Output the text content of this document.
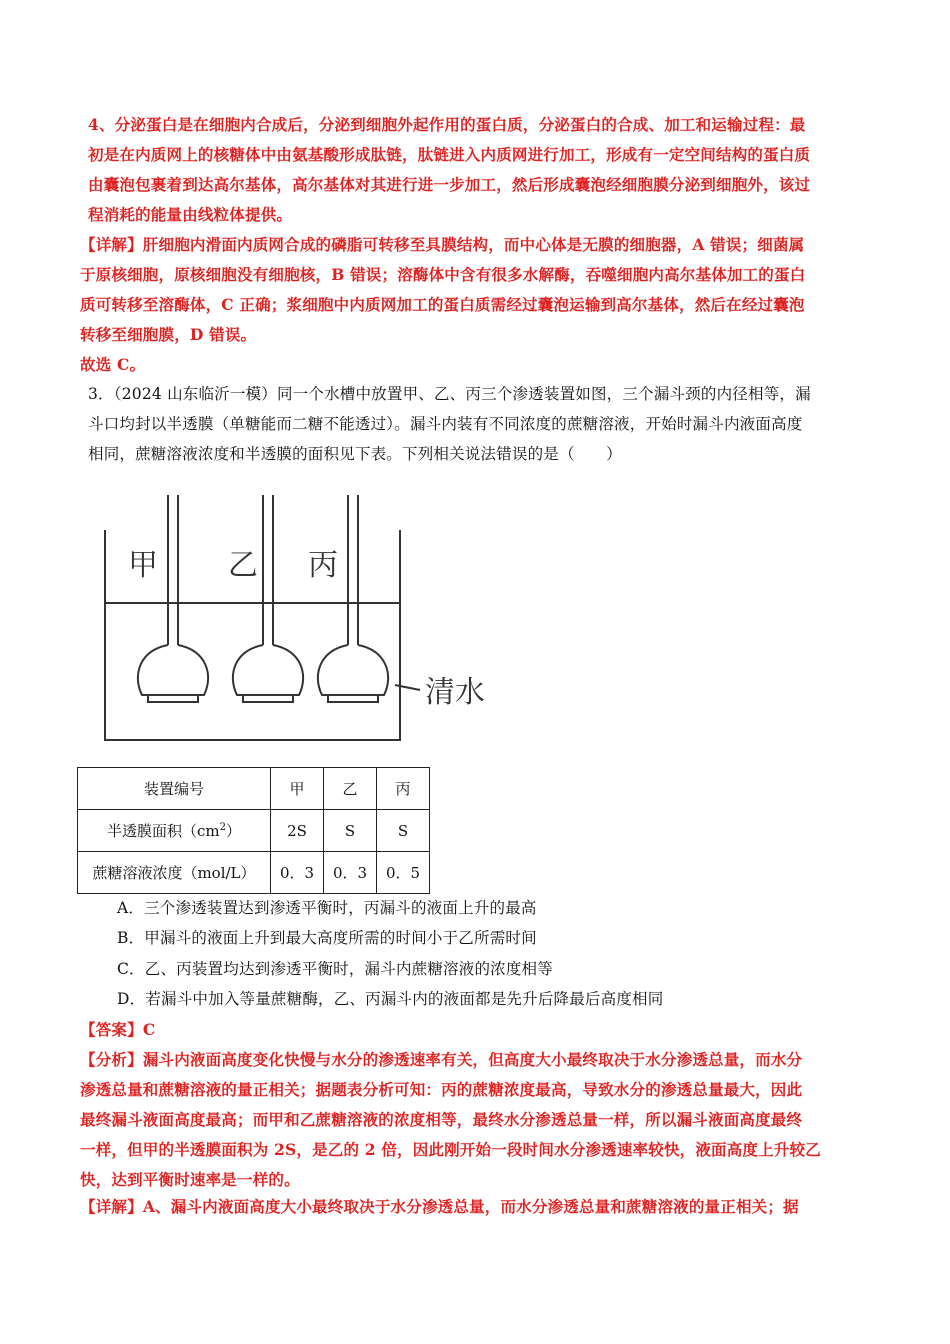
4、分泌蛋白是在细胞内合成后，分泌到细胞外起作用的蛋白质，分泌蛋白的合成、加工和运输过程：最
初是在内质网上的核糖体中由氨基酸形成肽链，肽链进入内质网进行加工，形成有一定空间结构的蛋白质
由囊泡包裹着到达高尔基体，高尔基体对其进行进一步加工，然后形成囊泡经细胞膜分泌到细胞外，该过
程消耗的能量由线粒体提供。
【详解】肝细胞内滑面内质网合成的磷脂可转移至具膜结构，而中心体是无膜的细胞器，A 错误；细菌属
于原核细胞，原核细胞没有细胞核，B 错误；溶酶体中含有很多水解酶，吞噬细胞内高尔基体加工的蛋白
质可转移至溶酶体，C 正确；浆细胞中内质网加工的蛋白质需经过囊泡运输到高尔基体，然后在经过囊泡
转移至细胞膜，D 错误。
故选 C。
3．（2024 山东临沂一模）同一个水槽中放置甲、乙、丙三个渗透装置如图，三个漏斗颈的内径相等，漏
斗口均封以半透膜（单糖能而二糖不能透过）。漏斗内装有不同浓度的蔗糖溶液，开始时漏斗内液面高度
相同，蔗糖溶液浓度和半透膜的面积见下表。下列相关说法错误的是（　　）
甲 乙 丙
清水
装置编号	甲	乙	丙
半透膜面积$(cm^2)$	2S	S	S
蔗糖溶液浓度（mol/L）	0．3	0．3	0．5
A．三个渗透装置达到渗透平衡时，丙漏斗的液面上升的最高
B．甲漏斗的液面上升到最大高度所需的时间小于乙所需时间
C．乙、丙装置均达到渗透平衡时，漏斗内蔗糖溶液的浓度相等
D．若漏斗中加入等量蔗糖酶，乙、丙漏斗内的液面都是先升后降最后高度相同
【答案】C
【分析】漏斗内液面高度变化快慢与水分的渗透速率有关，但高度大小最终取决于水分渗透总量，而水分
渗透总量和蔗糖溶液的量正相关；据题表分析可知：丙的蔗糖浓度最高，导致水分的渗透总量最大，因此
最终漏斗液面高度最高；而甲和乙蔗糖溶液的浓度相等，最终水分渗透总量一样，所以漏斗液面高度最终
一样，但甲的半透膜面积为 2S，是乙的 2 倍，因此刚开始一段时间水分渗透速率较快，液面高度上升较乙
快，达到平衡时速率是一样的。
【详解】A、漏斗内液面高度大小最终取决于水分渗透总量，而水分渗透总量和蔗糖溶液的量正相关；据
